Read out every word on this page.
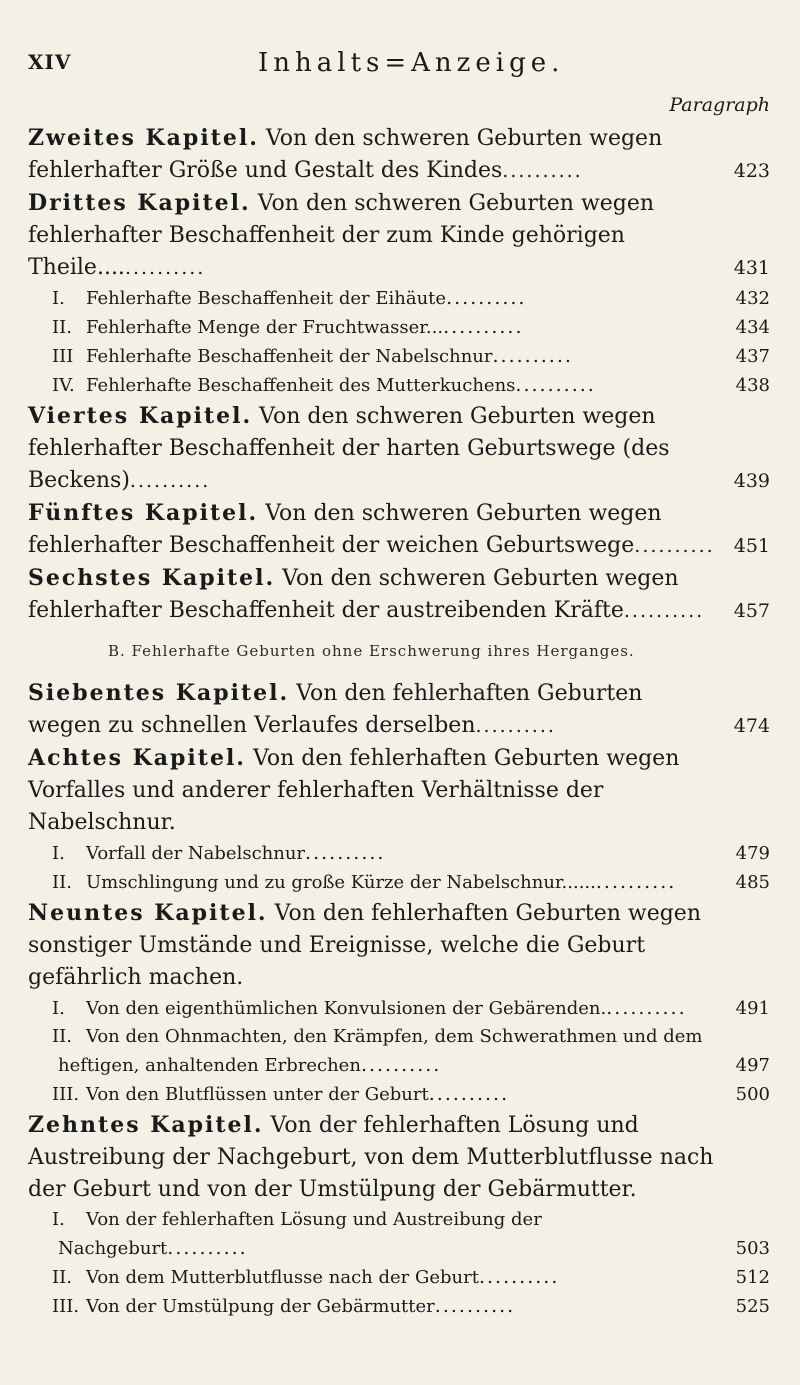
XIV	Inhalts=Anzeige.
Paragraph
Zweites Kapitel. Von den schweren Geburten wegen fehlerhafter Größe und Gestalt des Kindes..........	423
Drittes Kapitel. Von den schweren Geburten wegen fehlerhafter Beschaffenheit der zum Kinde gehörigen Theile..............	431
I. Fehlerhafte Beschaffenheit der Eihäute..........	432
II. Fehlerhafte Menge der Fruchtwasser.............	434
III Fehlerhafte Beschaffenheit der Nabelschnur..........	437
IV. Fehlerhafte Beschaffenheit des Mutterkuchens..........	438
Viertes Kapitel. Von den schweren Geburten wegen fehlerhafter Beschaffenheit der harten Geburtswege (des Beckens)..........	439
Fünftes Kapitel. Von den schweren Geburten wegen fehlerhafter Beschaffenheit der weichen Geburtswege.......... 451
Sechstes Kapitel. Von den schweren Geburten wegen fehlerhafter Beschaffenheit der austreibenden Kräfte.......... 457
B. Fehlerhafte Geburten ohne Erschwerung ihres Herganges.
Siebentes Kapitel. Von den fehlerhaften Geburten wegen zu schnellen Verlaufes derselben..........	474
Achtes Kapitel. Von den fehlerhaften Geburten wegen Vorfalles und anderer fehlerhaften Verhältnisse der Nabelschnur.
I. Vorfall der Nabelschnur..........	479
II. Umschlingung und zu große Kürze der Nabelschnur................	485
Neuntes Kapitel. Von den fehlerhaften Geburten wegen sonstiger Umstände und Ereignisse, welche die Geburt gefährlich machen.
I. Von den eigenthümlichen Konvulsionen der Gebärenden...........	491
II. Von den Ohnmachten, den Krämpfen, dem Schwerathmen und dem heftigen, anhaltenden Erbrechen..........	497
III. Von den Blutflüssen unter der Geburt..........	500
Zehntes Kapitel. Von der fehlerhaften Lösung und Austreibung der Nachgeburt, von dem Mutterblutflusse nach der Geburt und von der Umstülpung der Gebärmutter.
I. Von der fehlerhaften Lösung und Austreibung der Nachgeburt..........	503
II. Von dem Mutterblutflusse nach der Geburt..........	512
III. Von der Umstülpung der Gebärmutter..........	525
